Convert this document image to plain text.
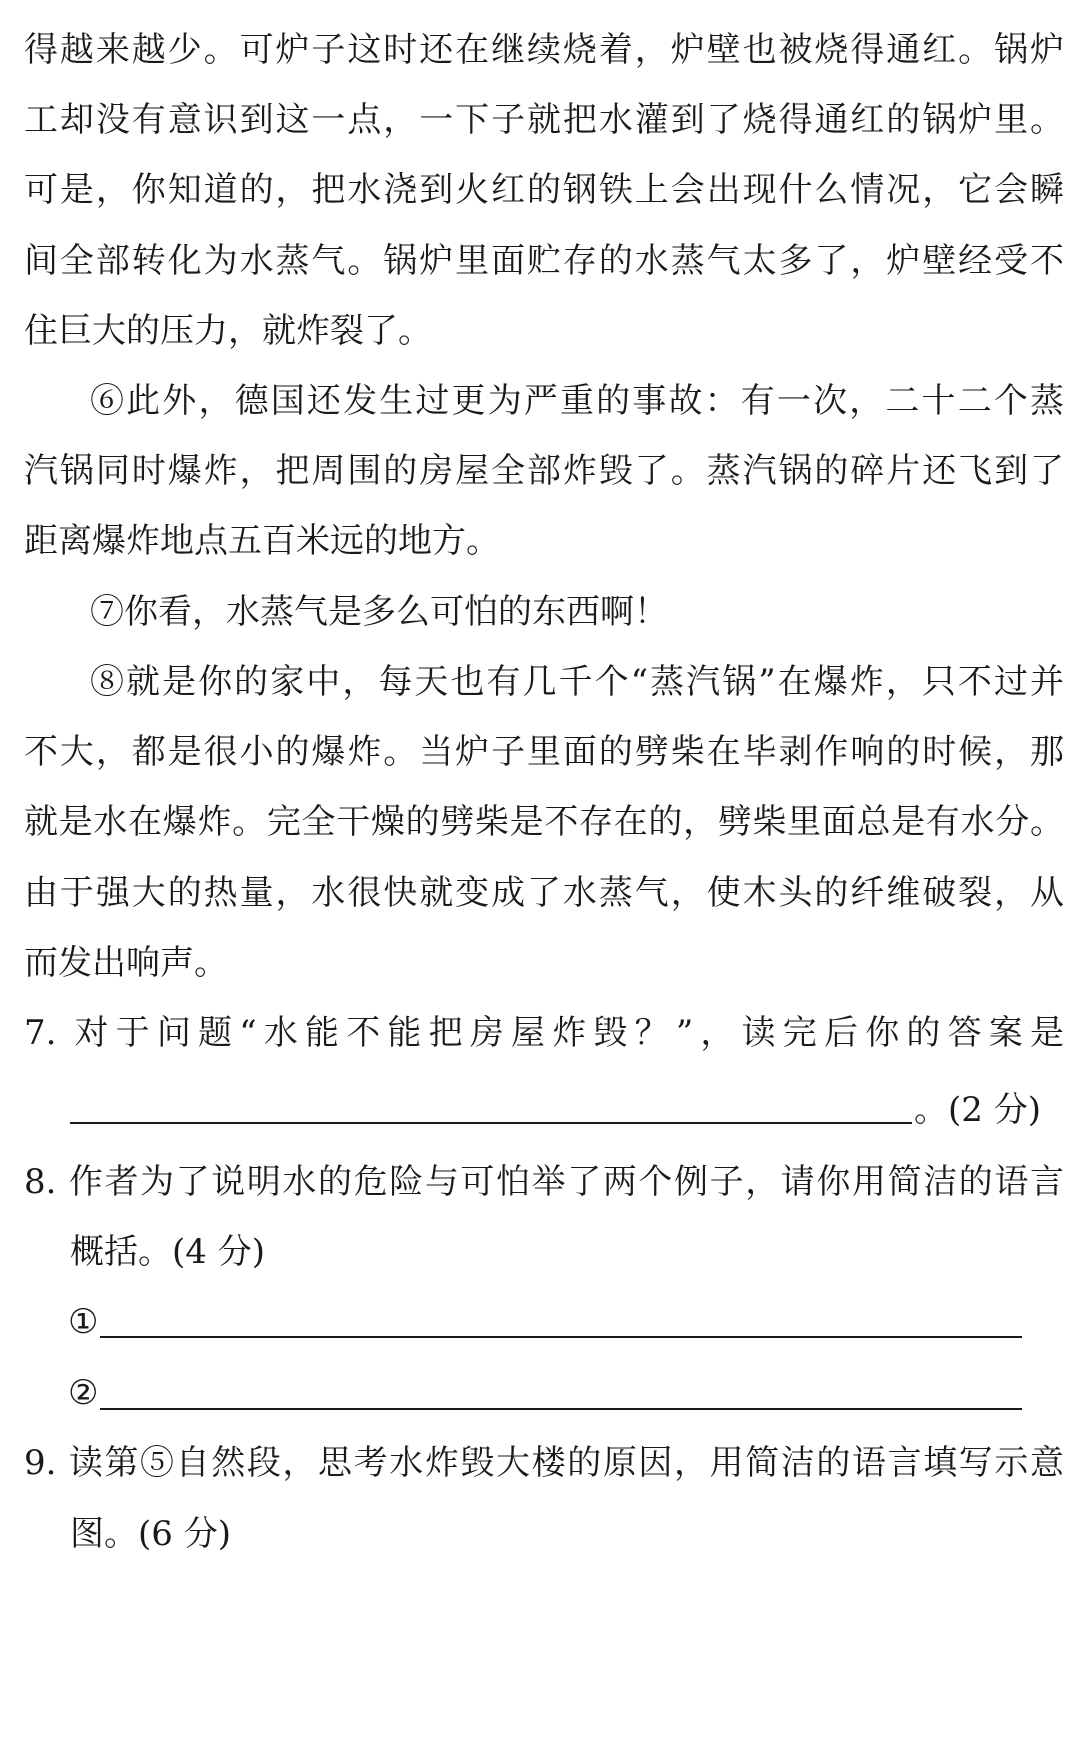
得越来越少。可炉子这时还在继续烧着，炉壁也被烧得通红。锅炉
工却没有意识到这一点，一下子就把水灌到了烧得通红的锅炉里。
可是，你知道的，把水浇到火红的钢铁上会出现什么情况，它会瞬
间全部转化为水蒸气。锅炉里面贮存的水蒸气太多了，炉壁经受不
住巨大的压力，就炸裂了。
⑥此外，德国还发生过更为严重的事故：有一次，二十二个蒸
汽锅同时爆炸，把周围的房屋全部炸毁了。蒸汽锅的碎片还飞到了
距离爆炸地点五百米远的地方。
⑦你看，水蒸气是多么可怕的东西啊！
⑧就是你的家中，每天也有几千个“蒸汽锅”在爆炸，只不过并
不大，都是很小的爆炸。当炉子里面的劈柴在毕剥作响的时候，那
就是水在爆炸。完全干燥的劈柴是不存在的，劈柴里面总是有水分。
由于强大的热量，水很快就变成了水蒸气，使木头的纤维破裂，从
而发出响声。
7. 对于问题“水能不能把房屋炸毁？”，读完后你的答案是
。(2 分)
8. 作者为了说明水的危险与可怕举了两个例子，请你用简洁的语言
概括。(4 分)
①
②
9. 读第⑤自然段，思考水炸毁大楼的原因，用简洁的语言填写示意
图。(6 分)
